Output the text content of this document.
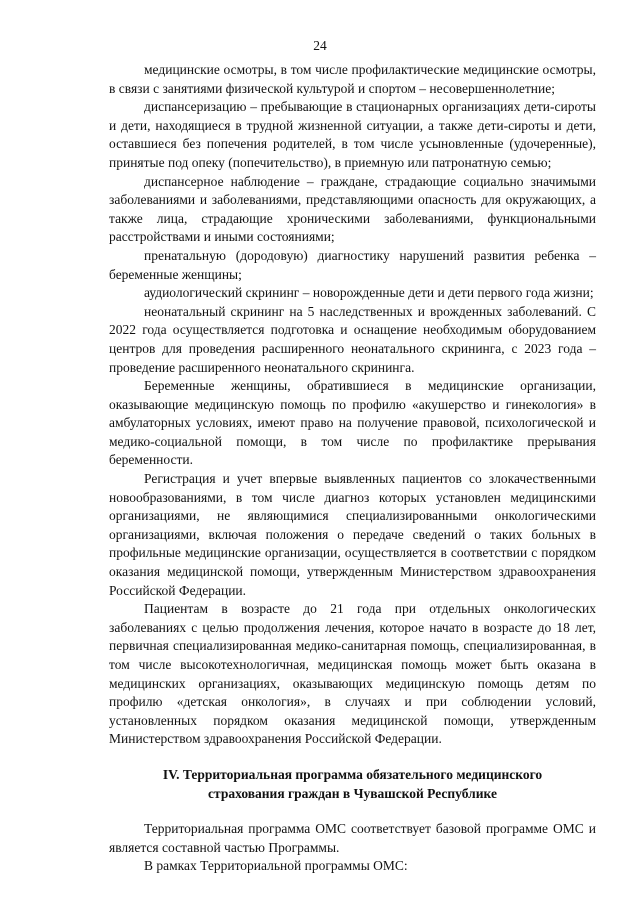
24

медицинские осмотры, в том числе профилактические медицинские осмотры, в связи с занятиями физической культурой и спортом – несовершеннолетние;

диспансеризацию – пребывающие в стационарных организациях дети-сироты и дети, находящиеся в трудной жизненной ситуации, а также дети-сироты и дети, оставшиеся без попечения родителей, в том числе усыновленные (удочеренные), принятые под опеку (попечительство), в приемную или патронатную семью;

диспансерное наблюдение – граждане, страдающие социально значимыми заболеваниями и заболеваниями, представляющими опасность для окружающих, а также лица, страдающие хроническими заболеваниями, функциональными расстройствами и иными состояниями;

пренатальную (дородовую) диагностику нарушений развития ребенка – беременные женщины;

аудиологический скрининг – новорожденные дети и дети первого года жизни;

неонатальный скрининг на 5 наследственных и врожденных заболеваний. С 2022 года осуществляется подготовка и оснащение необходимым оборудованием центров для проведения расширенного неонатального скрининга, с 2023 года – проведение расширенного неонатального скрининга.

Беременные женщины, обратившиеся в медицинские организации, оказывающие медицинскую помощь по профилю «акушерство и гинекология» в амбулаторных условиях, имеют право на получение правовой, психологической и медико-социальной помощи, в том числе по профилактике прерывания беременности.

Регистрация и учет впервые выявленных пациентов со злокачественными новообразованиями, в том числе диагноз которых установлен медицинскими организациями, не являющимися специализированными онкологическими организациями, включая положения о передаче сведений о таких больных в профильные медицинские организации, осуществляется в соответствии с порядком оказания медицинской помощи, утвержденным Министерством здравоохранения Российской Федерации.

Пациентам в возрасте до 21 года при отдельных онкологических заболеваниях с целью продолжения лечения, которое начато в возрасте до 18 лет, первичная специализированная медико-санитарная помощь, специализированная, в том числе высокотехнологичная, медицинская помощь может быть оказана в медицинских организациях, оказывающих медицинскую помощь детям по профилю «детская онкология», в случаях и при соблюдении условий, установленных порядком оказания медицинской помощи, утвержденным Министерством здравоохранения Российской Федерации.

IV. Территориальная программа обязательного медицинского
страхования граждан в Чувашской Республике

Территориальная программа ОМС соответствует базовой программе ОМС и является составной частью Программы.

В рамках Территориальной программы ОМС:
